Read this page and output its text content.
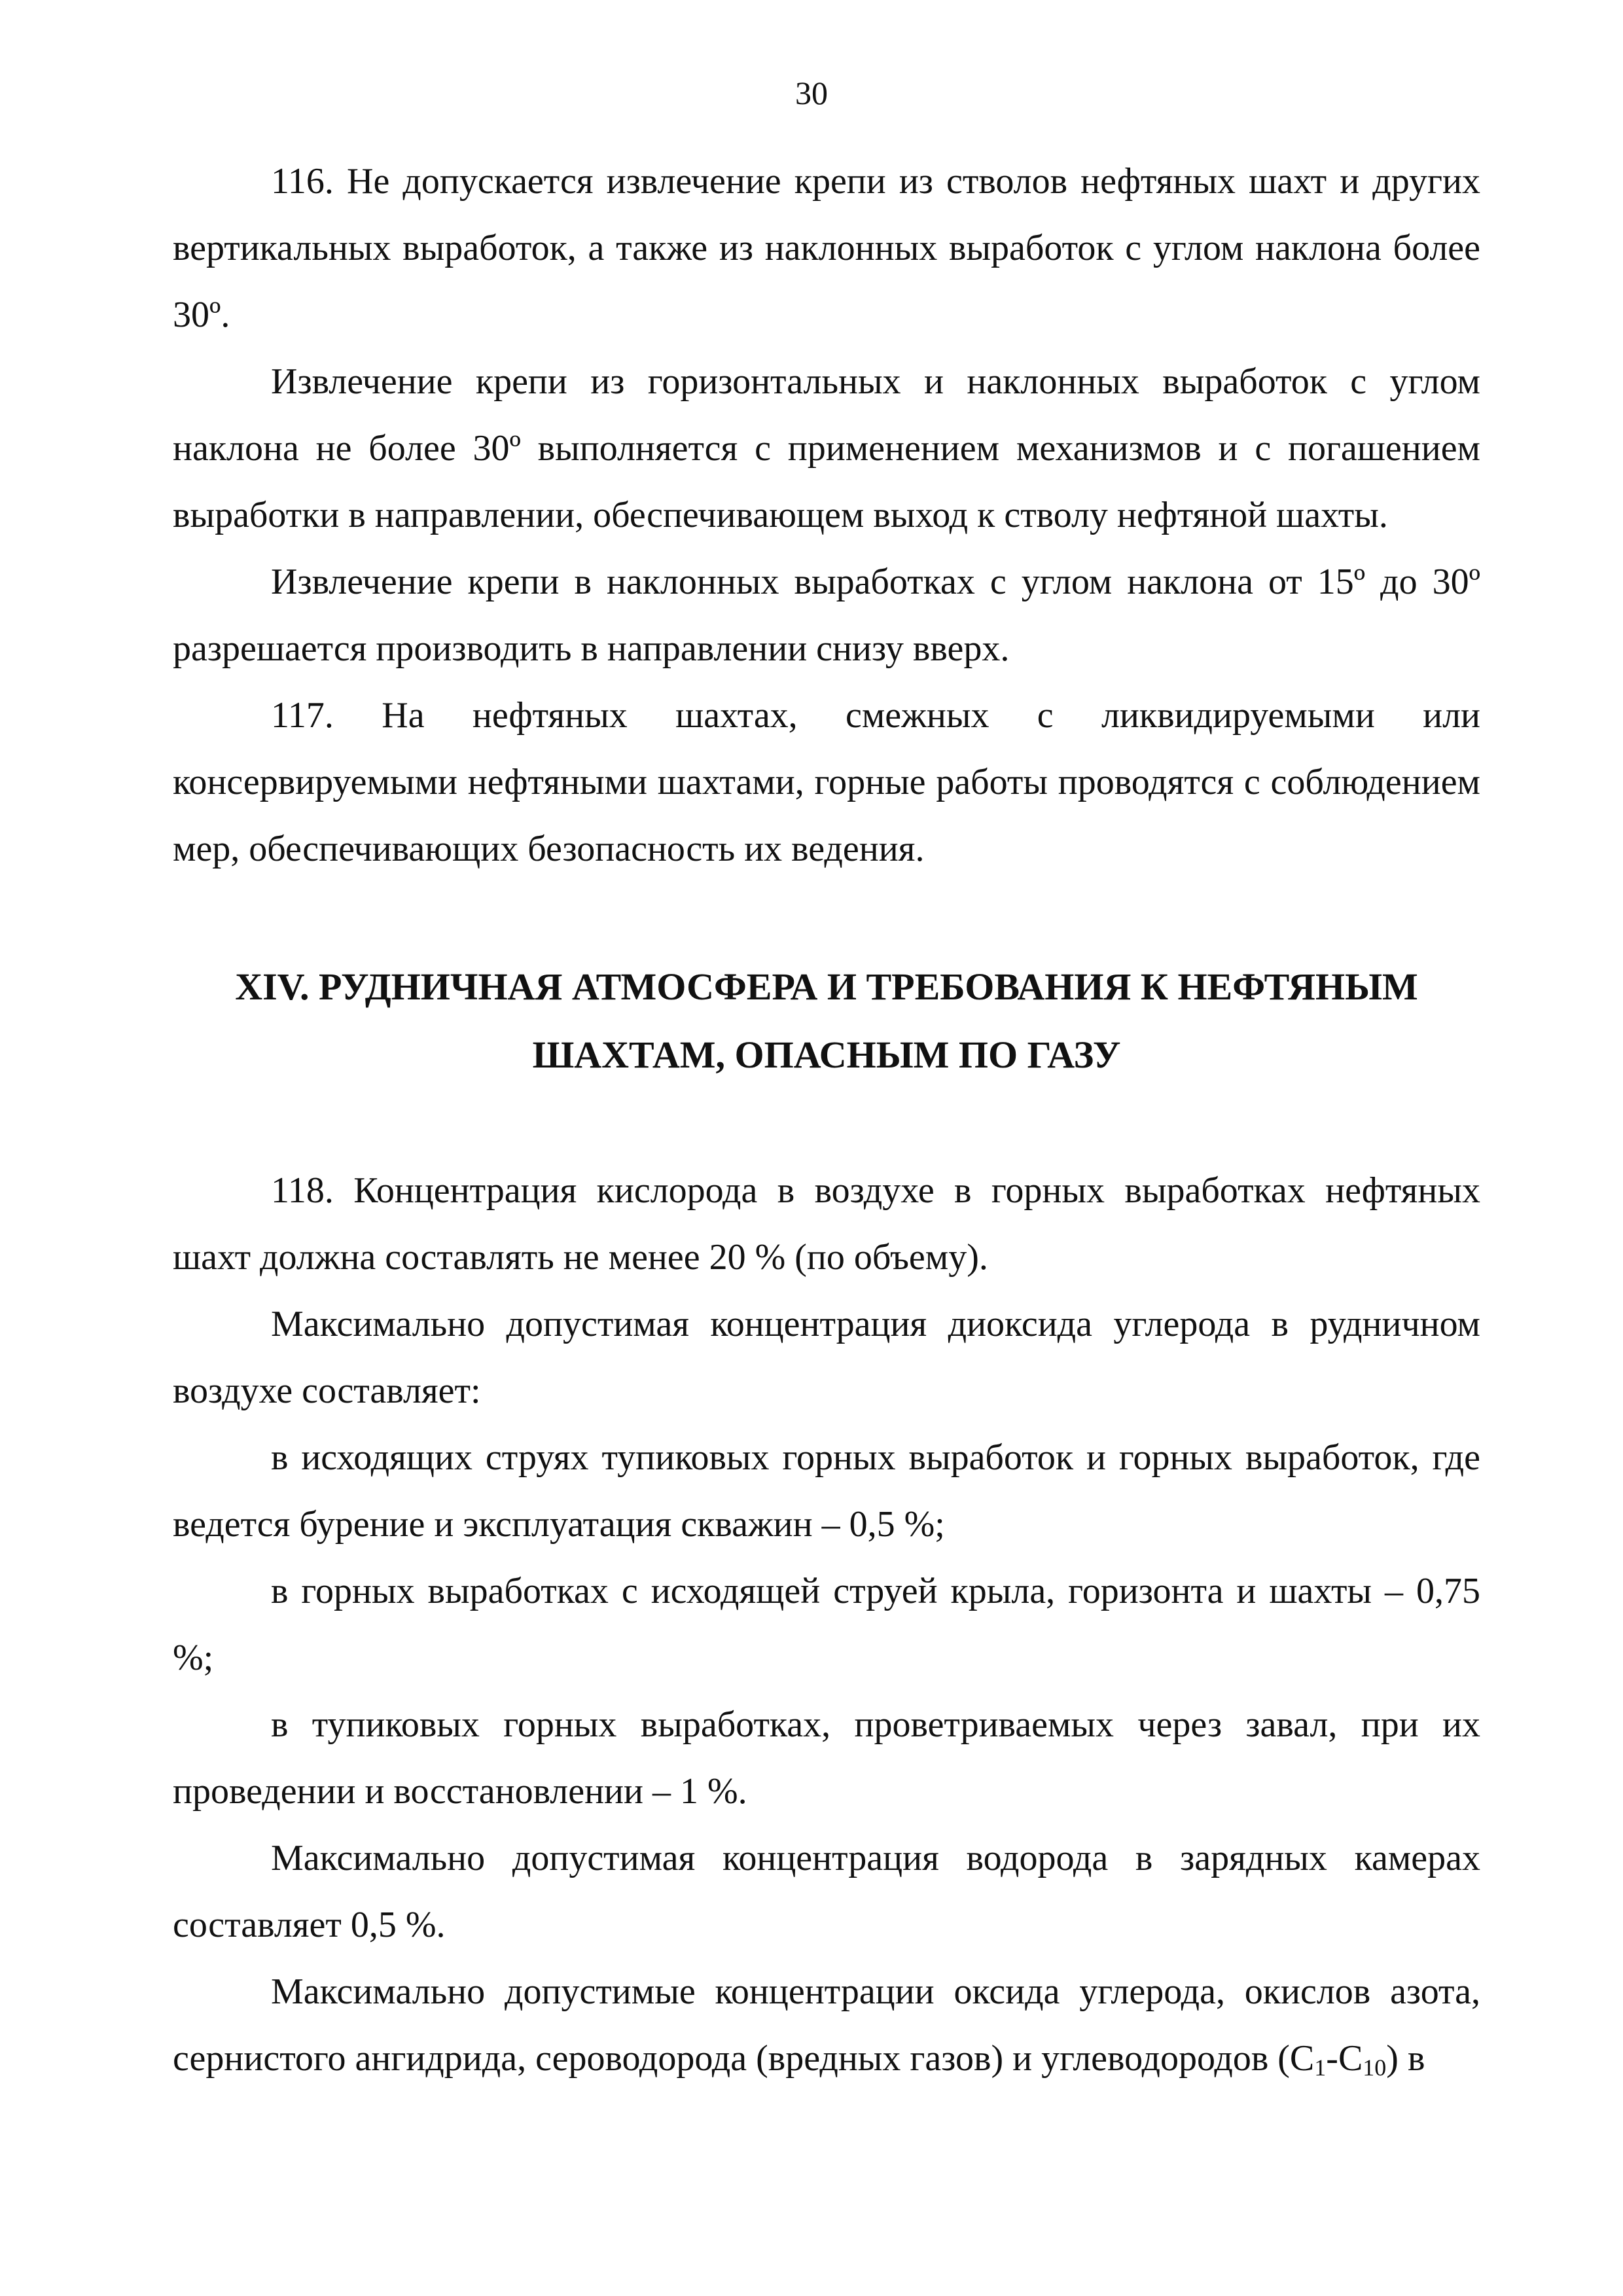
30

116. Не допускается извлечение крепи из стволов нефтяных шахт и других вертикальных выработок, а также из наклонных выработок с углом наклона более 30º.

Извлечение крепи из горизонтальных и наклонных выработок с углом наклона не более 30º выполняется с применением механизмов и с погашением выработки в направлении, обеспечивающем выход к стволу нефтяной шахты.

Извлечение крепи в наклонных выработках с углом наклона от 15º до 30º разрешается производить в направлении снизу вверх.

117. На нефтяных шахтах, смежных с ликвидируемыми или консервируемыми нефтяными шахтами, горные работы проводятся с соблюдением мер, обеспечивающих безопасность их ведения.

XIV. РУДНИЧНАЯ АТМОСФЕРА И ТРЕБОВАНИЯ К НЕФТЯНЫМ
ШАХТАМ, ОПАСНЫМ ПО ГАЗУ

118. Концентрация кислорода в воздухе в горных выработках нефтяных шахт должна составлять не менее 20 % (по объему).

Максимально допустимая концентрация диоксида углерода в рудничном воздухе составляет:

в исходящих струях тупиковых горных выработок и горных выработок, где ведется бурение и эксплуатация скважин – 0,5 %;

в горных выработках с исходящей струей крыла, горизонта и шахты – 0,75 %;

в тупиковых горных выработках, проветриваемых через завал, при их проведении и восстановлении – 1 %.

Максимально допустимая концентрация водорода в зарядных камерах составляет 0,5 %.

Максимально допустимые концентрации оксида углерода, окислов азота, сернистого ангидрида, сероводорода (вредных газов) и углеводородов $(С_1-С_{10})$ в
